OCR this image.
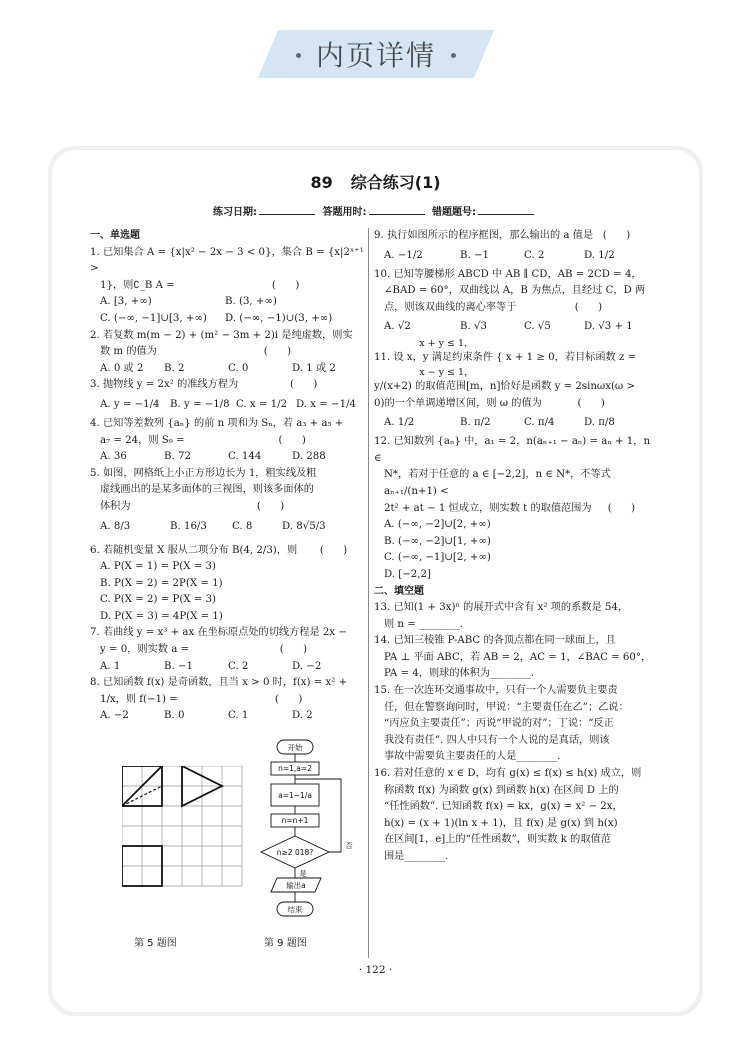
内页详情
89 综合练习(1)
练习日期:	答题用时:	错题题号:
一、单选题
1. 已知集合 A = {x|x² − 2x − 3 < 0}，集合 B = {x|2ˣ⁺¹ >
1}，则∁_B A =                              (      )
A. [3, +∞)	B. (3, +∞)
C. (−∞, −1]∪[3, +∞)	D. (−∞, −1)∪(3, +∞)
2. 若复数 m(m − 2) + (m² − 3m + 2)i 是纯虚数，则实
数 m 的值为                                 (      )
A. 0 或 2	B. 2	C. 0	D. 1 或 2
3. 抛物线 y = 2x² 的准线方程为                (      )
A. y = −1/4	B. y = −1/8 C. x = 1/2 D. x = −1/4
4. 已知等差数列 {aₙ} 的前 n 项和为 Sₙ，若 a₃ + a₅ +
a₇ = 24，则 S₉ =                             (      )
A. 36	B. 72	C. 144	D. 288
5. 如图，网格纸上小正方形边长为 1，粗实线及粗
虚线画出的是某多面体的三视图，则该多面体的
体积为                                       (      )
A. 8/3	B. 16/3	C. 8	D. 8√5/3
6. 若随机变量 X 服从二项分布 B(4, 2/3)，则       (      )
A. P(X = 1) = P(X = 3)
B. P(X = 2) = 2P(X = 1)
C. P(X = 2) = P(X = 3)
D. P(X = 3) = 4P(X = 1)
7. 若曲线 y = x³ + ax 在坐标原点处的切线方程是 2x −
y = 0，则实数 a =                            (      )
A. 1	B. −1	C. 2	D. −2
8. 已知函数 f(x) 是奇函数，且当 x > 0 时，f(x) = x² +
1/x，则 f(−1) =                              (      )
A. −2	B. 0	C. 1	D. 2
第 5 题图
开始
n=1,a=2
a=1−1/a
n=n+1
n≥2 018?
是
否
输出a
结束
第 9 题图
9. 执行如图所示的程序框图，那么输出的 a 值是   (      )
A. −1/2	B. −1	C. 2	D. 1/2
10. 已知等腰梯形 ABCD 中 AB ∥ CD，AB = 2CD = 4，
∠BAD = 60°，双曲线以 A，B 为焦点，且经过 C，D 两
点，则该双曲线的离心率等于                  (      )
A. √2	B. √3	C. √5	D. √3 + 1
x + y ≤ 1，
11. 设 x，y 满足约束条件 { x + 1 ≥ 0，若目标函数 z =
x − y ≤ 1，
y/(x+2) 的取值范围[m，n]恰好是函数 y = 2sinωx(ω >
0)的一个单调递增区间，则 ω 的值为           (      )
A. 1/2	B. π/2	C. π/4	D. π/8
12. 已知数列 {aₙ} 中，a₁ = 2，n(aₙ₊₁ − aₙ) = aₙ + 1，n ∈
N*，若对于任意的 a ∈ [−2,2]，n ∈ N*，不等式 aₙ₊₁/(n+1) <
2t² + at − 1 恒成立，则实数 t 的取值范围为     (      )
A. (−∞, −2]∪[2, +∞)
B. (−∞, −2]∪[1, +∞)
C. (−∞, −1]∪[2, +∞)
D. [−2,2]
二、填空题
13. 已知(1 + 3x)ⁿ 的展开式中含有 x² 项的系数是 54，
则 n = ________.
14. 已知三棱锥 P-ABC 的各顶点都在同一球面上，且
PA ⊥ 平面 ABC，若 AB = 2，AC = 1，∠BAC = 60°，
PA = 4，则球的体积为________.
15. 在一次连环交通事故中，只有一个人需要负主要责
任，但在警察询问时，甲说：“主要责任在乙”；乙说：
“丙应负主要责任”；丙说“甲说的对”；丁说：“反正
我没有责任”. 四人中只有一个人说的是真话，则该
事故中需要负主要责任的人是________.
16. 若对任意的 x ∈ D，均有 g(x) ≤ f(x) ≤ h(x) 成立，则
称函数 f(x) 为函数 g(x) 到函数 h(x) 在区间 D 上的
“任性函数”. 已知函数 f(x) = kx，g(x) = x² − 2x，
h(x) = (x + 1)(ln x + 1)，且 f(x) 是 g(x) 到 h(x)
在区间[1，e]上的“任性函数”，则实数 k 的取值范
围是________.
· 122 ·
